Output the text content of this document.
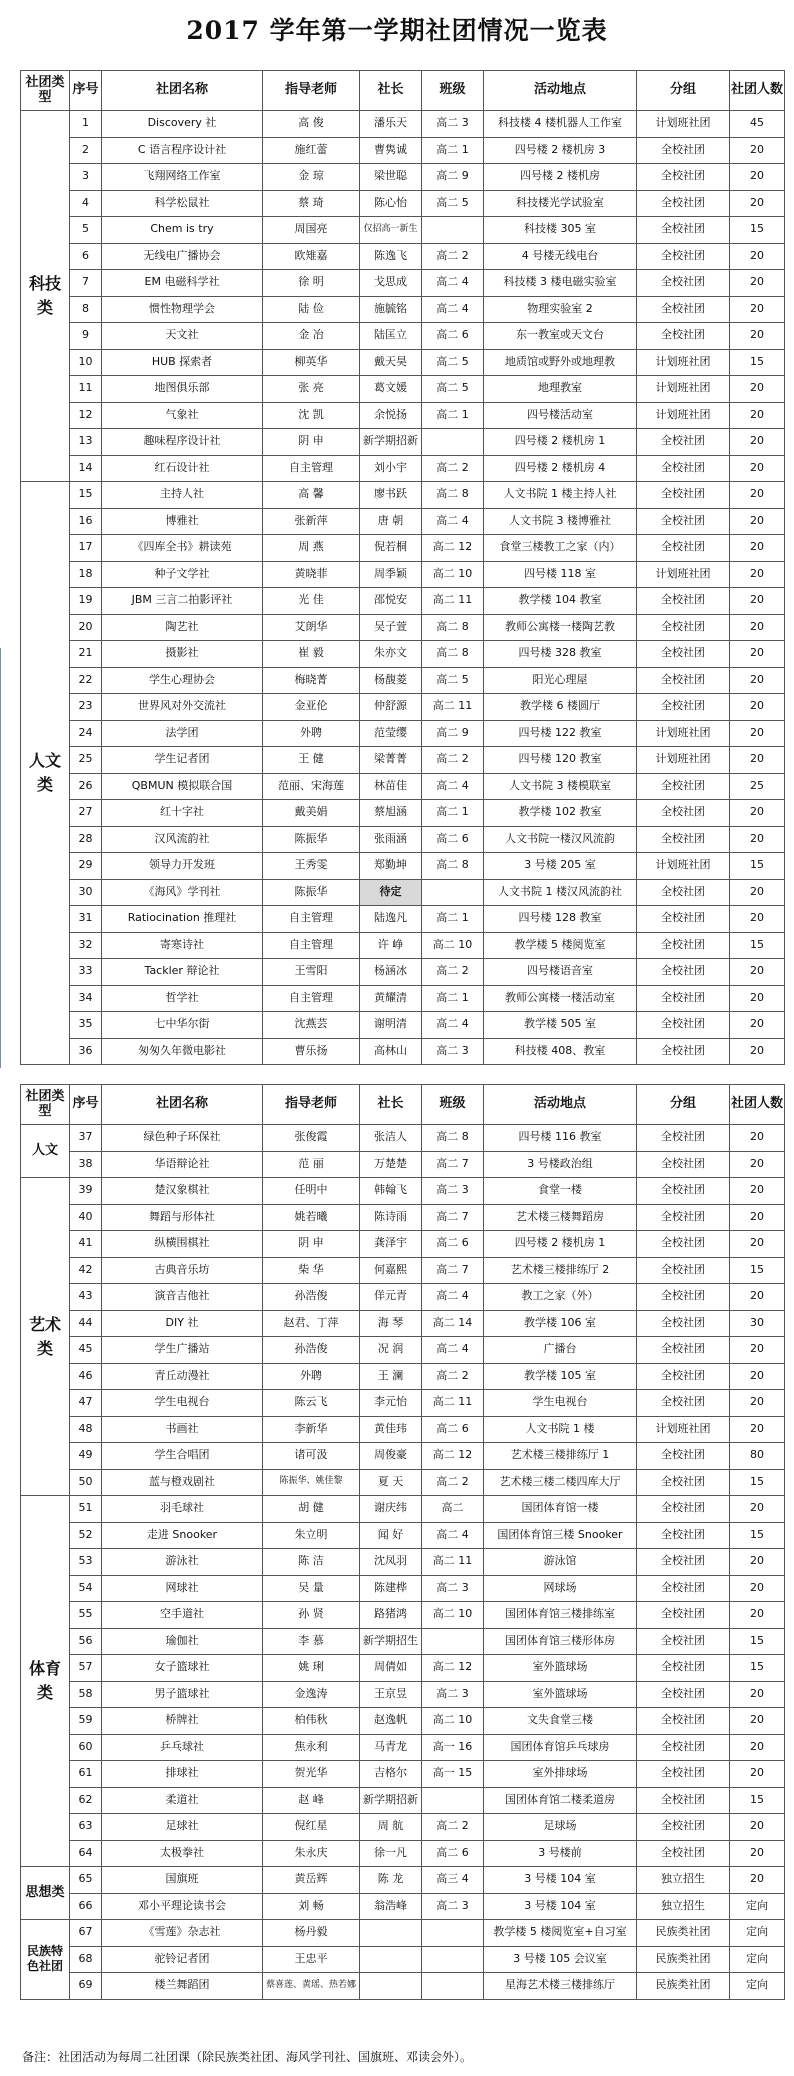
2017 学年第一学期社团情况一览表
社团类型	序号	社团名称	指导老师	社长	班级	活动地点	分组	社团人数
科技类	1	Discovery 社	高 俊	潘乐天	高二 3	科技楼 4 楼机器人工作室	计划班社团	45
	2	C 语言程序设计社	施红蕾	曹隽诚	高二 1	四号楼 2 楼机房 3	全校社团	20
	3	飞翔网络工作室	金 琼	梁世聪	高二 9	四号楼 2 楼机房	全校社团	20
	4	科学松鼠社	蔡 琦	陈心怡	高二 5	科技楼光学试验室	全校社团	20
	5	Chem is try	周国亮	仅招高一新生		科技楼 305 室	全校社团	15
	6	无线电广播协会	欧雉嘉	陈逸飞	高二 2	4 号楼无线电台	全校社团	20
	7	EM 电磁科学社	徐 明	戈思成	高二 4	科技楼 3 楼电磁实验室	全校社团	20
	8	惯性物理学会	陆 俭	施毓铭	高二 4	物理实验室 2	全校社团	20
	9	天文社	金 冶	陆匡立	高二 6	东一教室或天文台	全校社团	20
	10	HUB 探索者	柳英华	戴天昊	高二 5	地质馆或野外或地理教	计划班社团	15
	11	地图俱乐部	张 亮	葛文媛	高二 5	地理教室	计划班社团	20
	12	气象社	沈 凯	余悦扬	高二 1	四号楼活动室	计划班社团	20
	13	趣味程序设计社	阴 申	新学期招新		四号楼 2 楼机房 1	全校社团	20
	14	红石设计社	自主管理	刘小宇	高二 2	四号楼 2 楼机房 4	全校社团	20
人文类	15	主持人社	高 馨	廖书跃	高二 8	人文书院 1 楼主持人社	全校社团	20
	16	博雅社	张新萍	唐 朝	高二 4	人文书院 3 楼博雅社	全校社团	20
	17	《四库全书》耕读苑	周 燕	倪若桐	高二 12	食堂三楼教工之家（内）	全校社团	20
	18	种子文学社	黄晓菲	周季颖	高二 10	四号楼 118 室	计划班社团	20
	19	JBM 三言二拍影评社	光 佳	邵悦安	高二 11	教学楼 104 教室	全校社团	20
	20	陶艺社	艾朗华	吴子萱	高二 8	教师公寓楼一楼陶艺教	全校社团	20
	21	摄影社	崔 毅	朱亦文	高二 8	四号楼 328 教室	全校社团	20
	22	学生心理协会	梅晓菁	杨馥菱	高二 5	阳光心理屋	全校社团	20
	23	世界风对外交流社	金亚伦	仲舒源	高二 11	教学楼 6 楼圆厅	全校社团	20
	24	法学团	外聘	范莹缨	高二 9	四号楼 122 教室	计划班社团	20
	25	学生记者团	王 健	梁菁菁	高二 2	四号楼 120 教室	计划班社团	20
	26	QBMUN 模拟联合国	范丽、宋海莲	林苗佳	高二 4	人文书院 3 楼模联室	全校社团	25
	27	红十字社	戴美娟	蔡旭涵	高二 1	教学楼 102 教室	全校社团	20
	28	汉风流韵社	陈振华	张雨涵	高二 6	人文书院一楼汉风流韵	全校社团	20
	29	领导力开发班	王秀雯	郑勤坤	高二 8	3 号楼 205 室	计划班社团	15
	30	《海风》学刊社	陈振华	待定		人文书院 1 楼汉风流韵社	全校社团	20
	31	Ratiocination 推理社	自主管理	陆逸凡	高二 1	四号楼 128 教室	全校社团	20
	32	寄寒诗社	自主管理	许 峥	高二 10	教学楼 5 楼阅览室	全校社团	15
	33	Tackler 辩论社	王雪阳	杨涵冰	高二 2	四号楼语音室	全校社团	20
	34	哲学社	自主管理	黄耀清	高二 1	教师公寓楼一楼活动室	全校社团	20
	35	七中华尔街	沈燕芸	谢明清	高二 4	教学楼 505 室	全校社团	20
	36	匆匆久年微电影社	曹乐扬	高林山	高二 3	科技楼 408、教室	全校社团	20
社团类型	序号	社团名称	指导老师	社长	班级	活动地点	分组	社团人数
人文	37	绿色种子环保社	张俊霞	张洁人	高二 8	四号楼 116 教室	全校社团	20
	38	华语辩论社	范 丽	万楚楚	高二 7	3 号楼政治组	全校社团	20
艺术类	39	楚汉象棋社	任明中	韩翰飞	高二 3	食堂一楼	全校社团	20
	40	舞蹈与形体社	姚若曦	陈诗雨	高二 7	艺术楼三楼舞蹈房	全校社团	20
	41	纵横围棋社	阴 申	龚泽宇	高二 6	四号楼 2 楼机房 1	全校社团	20
	42	古典音乐坊	柴 华	何嘉熙	高二 7	艺术楼三楼排练厅 2	全校社团	15
	43	演音吉他社	孙浩俊	佯元青	高二 4	教工之家（外）	全校社团	20
	44	DIY 社	赵君、丁萍	海 琴	高二 14	教学楼 106 室	全校社团	30
	45	学生广播站	孙浩俊	况 润	高二 4	广播台	全校社团	20
	46	青丘动漫社	外聘	王 澜	高二 2	教学楼 105 室	全校社团	20
	47	学生电视台	陈云飞	李元怡	高二 11	学生电视台	全校社团	20
	48	书画社	李新华	黄佳玮	高二 6	人文书院 1 楼	计划班社团	20
	49	学生合唱团	诸可汲	周俊豪	高二 12	艺术楼三楼排练厅 1	全校社团	80
	50	蓝与橙戏剧社	陈振华、姚佳黎	夏 天	高二 2	艺术楼三楼二楼四库大厅	全校社团	15
体育类	51	羽毛球社	胡 健	谢庆纬	高二	国团体育馆一楼	全校社团	20
	52	走进 Snooker	朱立明	闻 好	高二 4	国团体育馆三楼 Snooker	全校社团	15
	53	游泳社	陈 洁	沈凤羽	高二 11	游泳馆	全校社团	20
	54	网球社	吴 量	陈建桦	高二 3	网球场	全校社团	20
	55	空手道社	孙 贤	路猪鸿	高二 10	国团体育馆三楼排练室	全校社团	20
	56	瑜伽社	李 慕	新学期招生		国团体育馆三楼形体房	全校社团	15
	57	女子篮球社	姚 琍	周倩如	高二 12	室外篮球场	全校社团	15
	58	男子篮球社	金逸涛	王京昱	高二 3	室外篮球场	全校社团	20
	59	桥牌社	柏伟秋	赵逸帆	高二 10	文失食堂三楼	全校社团	20
	60	乒乓球社	焦永利	马青龙	高一 16	国团体育馆乒乓球房	全校社团	20
	61	排球社	贺光华	吉格尔	高一 15	室外排球场	全校社团	20
	62	柔道社	赵 峰	新学期招新		国团体育馆二楼柔道房	全校社团	15
	63	足球社	倪红星	周 航	高二 2	足球场	全校社团	20
	64	太极拳社	朱永庆	徐一凡	高二 6	3 号楼前	全校社团	20
思想类	65	国旗班	黄岳辉	陈 龙	高三 4	3 号楼 104 室	独立招生	20
	66	邓小平理论读书会	刘 畅	翁浩峰	高二 3	3 号楼 104 室	独立招生	定向
民族特色社团	67	《雪莲》杂志社	杨丹毅			教学楼 5 楼阅览室+自习室	民族类社团	定向
	68	驼铃记者团	王忠平			3 号楼 105 会议室	民族类社团	定向
	69	楼兰舞蹈团	蔡喜莲、黄瑶、热若娜			星海艺术楼三楼排练厅	民族类社团	定向
备注：社团活动为每周二社团课（除民族类社团、海风学刊社、国旗班、邓读会外）。
